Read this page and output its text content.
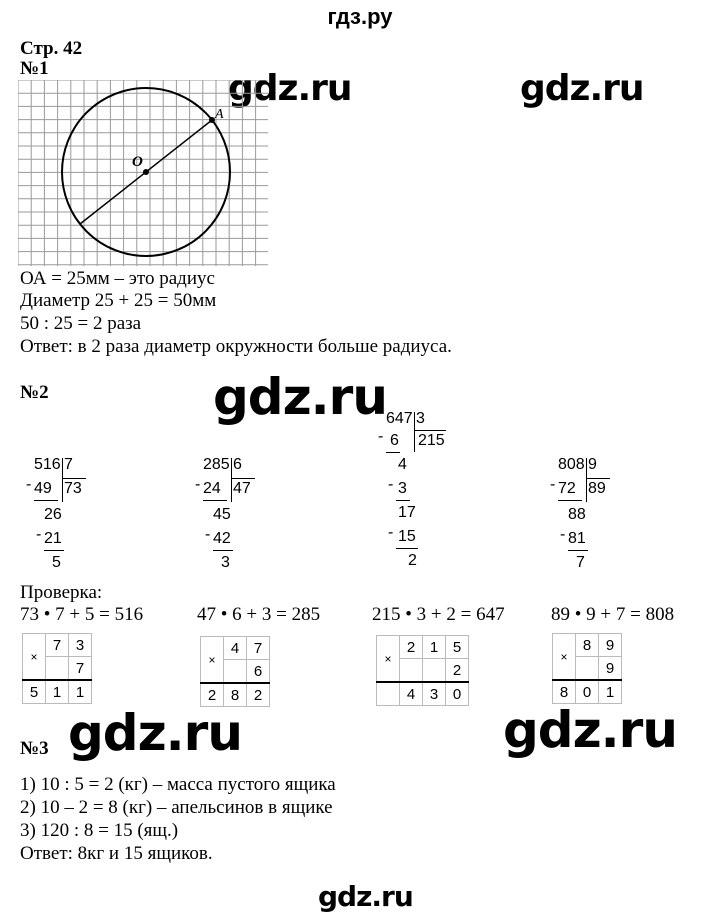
гдз.ру
gdz.ru	gdz.ru
gdz.ru
gdz.ru	gdz.ru
gdz.ru
Стр. 42
№1
O
A
ОА = 25мм – это радиус
Диаметр 25 + 25 = 50мм
50 : 25 = 2 раза
Ответ: в 2 раза диаметр окружности больше радиуса.
№2
516 7
73
- 49
26
- 21
5
285 6
47
- 24
45
- 42
3
647 3
215
- 6
4
- 3
17
- 15
2
808 9
89
- 72
88
- 81
7
Проверка:
73 • 7 + 5 = 516	47 • 6 + 3 = 285	215 • 3 + 2 = 647 89 • 9 + 7 = 808
×	7	3
		7
5	1	1
×	4	7
		6
2	8	2
×	2	1	5
			2
	4	3	0
×	8	9
		9
8	0	1
№3
1) 10 : 5 = 2 (кг) – масса пустого ящика
2) 10 – 2 = 8 (кг) – апельсинов в ящике
3) 120 : 8 = 15 (ящ.)
Ответ: 8кг и 15 ящиков.
